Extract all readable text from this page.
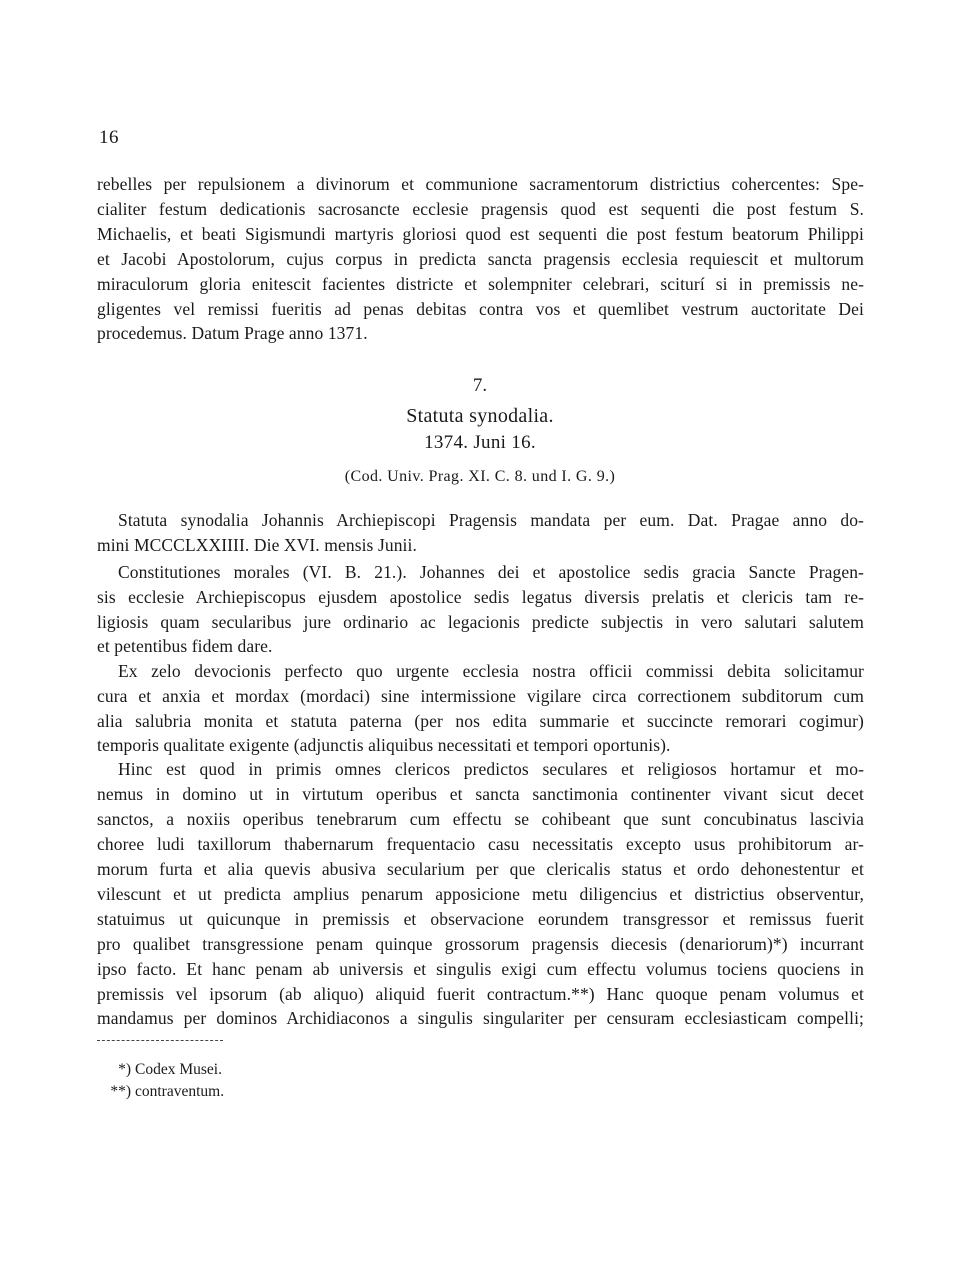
16
rebelles per repulsionem a divinorum et communione sacramentorum districtius cohercentes: Spe-
cialiter festum dedicationis sacrosancte ecclesie pragensis quod est sequenti die post festum S.
Michaelis, et beati Sigismundi martyris gloriosi quod est sequenti die post festum beatorum Philippi
et Jacobi Apostolorum, cujus corpus in predicta sancta pragensis ecclesia requiescit et multorum
miraculorum gloria enitescit facientes districte et solempniter celebrari, sciturí si in premissis ne-
gligentes vel remissi fueritis ad penas debitas contra vos et quemlibet vestrum auctoritate Dei
procedemus. Datum Prage anno 1371.
7.
Statuta synodalia.
1374. Juni 16.
(Cod. Univ. Prag. XI. C. 8. und I. G. 9.)
Statuta synodalia Johannis Archiepiscopi Pragensis mandata per eum. Dat. Pragae anno do-
mini MCCCLXXIIII. Die XVI. mensis Junii.
Constitutiones morales (VI. B. 21.). Johannes dei et apostolice sedis gracia Sancte Pragen-
sis ecclesie Archiepiscopus ejusdem apostolice sedis legatus diversis prelatis et clericis tam re-
ligiosis quam secularibus jure ordinario ac legacionis predicte subjectis in vero salutari salutem
et petentibus fidem dare.
Ex zelo devocionis perfecto quo urgente ecclesia nostra officii commissi debita solicitamur
cura et anxia et mordax (mordaci) sine intermissione vigilare circa correctionem subditorum cum
alia salubria monita et statuta paterna (per nos edita summarie et succincte remorari cogimur)
temporis qualitate exigente (adjunctis aliquibus necessitati et tempori oportunis).
Hinc est quod in primis omnes clericos predictos seculares et religiosos hortamur et mo-
nemus in domino ut in virtutum operibus et sancta sanctimonia continenter vivant sicut decet
sanctos, a noxiis operibus tenebrarum cum effectu se cohibeant que sunt concubinatus lascivia
choree ludi taxillorum thabernarum frequentacio casu necessitatis excepto usus prohibitorum ar-
morum furta et alia quevis abusiva secularium per que clericalis status et ordo dehonestentur et
vilescunt et ut predicta amplius penarum apposicione metu diligencius et districtius observentur,
statuimus ut quicunque in premissis et observacione eorundem transgressor et remissus fuerit
pro qualibet transgressione penam quinque grossorum pragensis diecesis (denariorum)*) incurrant
ipso facto. Et hanc penam ab universis et singulis exigi cum effectu volumus tociens quociens in
premissis vel ipsorum (ab aliquo) aliquid fuerit contractum.**) Hanc quoque penam volumus et
mandamus per dominos Archidiaconos a singulis singulariter per censuram ecclesiasticam compelli;
*) Codex Musei.
**) contraventum.
